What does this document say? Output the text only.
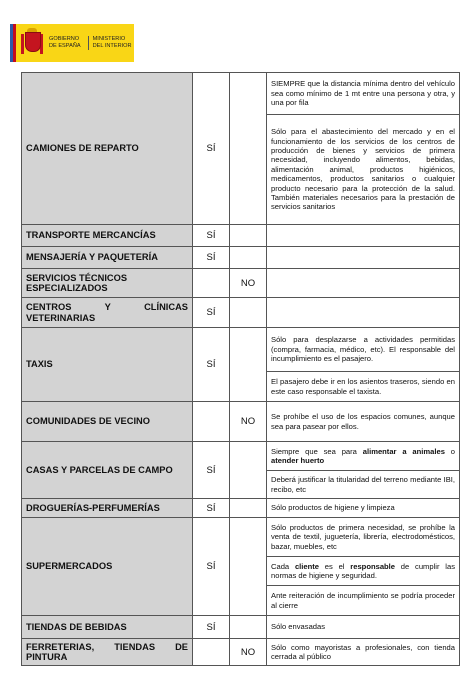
GOBIERNO
DE ESPAÑA
MINISTERIO
DEL INTERIOR
CAMIONES DE REPARTO	SÍ		SIEMPRE que la distancia mínima dentro del vehículo sea como mínimo de 1 mt entre una persona y otra, y una por fila
			Sólo para el abastecimiento del mercado y en el funcionamiento de los servicios de los centros de producción de bienes y servicios de primera necesidad, incluyendo alimentos, bebidas, alimentación animal, productos higiénicos, medicamentos, productos sanitarios o cualquier producto necesario para la protección de la salud. También materiales necesarios para la prestación de servicios sanitarios
TRANSPORTE MERCANCÍAS	SÍ		
MENSAJERÍA Y PAQUETERÍA	SÍ		
SERVICIOS TÉCNICOS ESPECIALIZADOS		NO	
CENTROS Y CLÍNICAS VETERINARIAS	SÍ		
TAXIS	SÍ		Sólo para desplazarse a actividades permitidas (compra, farmacia, médico, etc). El responsable del incumplimiento es el pasajero.
			El pasajero debe ir en los asientos traseros, siendo en este caso responsable el taxista.
COMUNIDADES DE VECINO		NO	Se prohíbe el uso de los espacios comunes, aunque sea para pasear por ellos.
CASAS Y PARCELAS DE CAMPO	SÍ		Siempre que sea para alimentar a animales o atender huerto
			Deberá justificar la titularidad del terreno mediante IBI, recibo, etc
DROGUERÍAS-PERFUMERÍAS	SÍ		Sólo productos de higiene y limpieza
SUPERMERCADOS	SÍ		Sólo productos de primera necesidad, se prohíbe la venta de textil, juguetería, librería, electrodomésticos, bazar, muebles, etc
			Cada cliente es el responsable de cumplir las normas de higiene y seguridad.
			Ante reiteración de incumplimiento se podría proceder al cierre
TIENDAS DE BEBIDAS	SÍ		Sólo envasadas
FERRETERIAS, TIENDAS DE PINTURA		NO	Sólo como mayoristas a profesionales, con tienda cerrada al público
